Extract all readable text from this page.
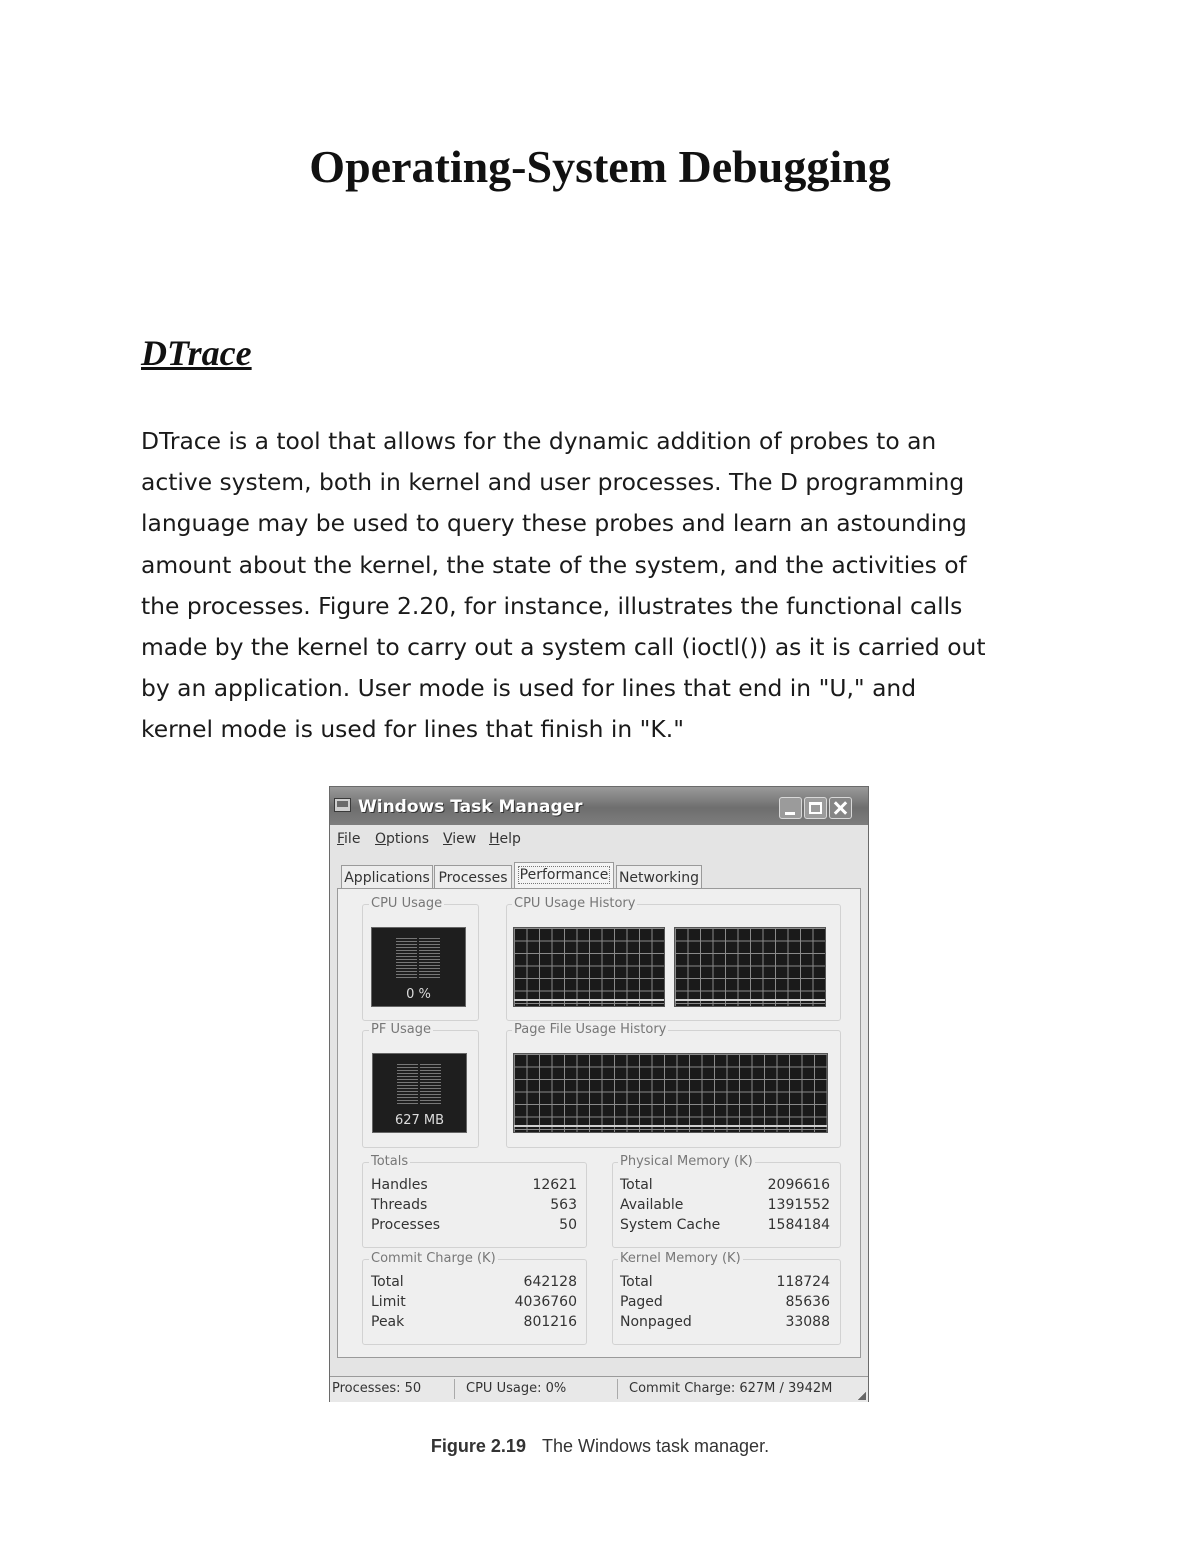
Operating-System Debugging
DTrace
DTrace is a tool that allows for the dynamic addition of probes to an
active system, both in kernel and user processes. The D programming
language may be used to query these probes and learn an astounding
amount about the kernel, the state of the system, and the activities of
the processes. Figure 2.20, for instance, illustrates the functional calls
made by the kernel to carry out a system call (ioctl()) as it is carried out
by an application. User mode is used for lines that end in "U," and
kernel mode is used for lines that finish in "K."
Windows Task Manager
File Options View Help
Applications Processes Performance Networking
CPU Usage
0 %
CPU Usage History
PF Usage
627 MB
Page File Usage History
Totals
Handles	12621
Threads	563
Processes	50
Physical Memory (K)
Total	2096616
Available	1391552
System Cache	1584184
Commit Charge (K)
Total	642128
Limit	4036760
Peak	801216
Kernel Memory (K)
Total	118724
Paged	85636
Nonpaged	33088
Processes: 50	CPU Usage: 0%	Commit Charge: 627M / 3942M
Figure 2.19 The Windows task manager.
